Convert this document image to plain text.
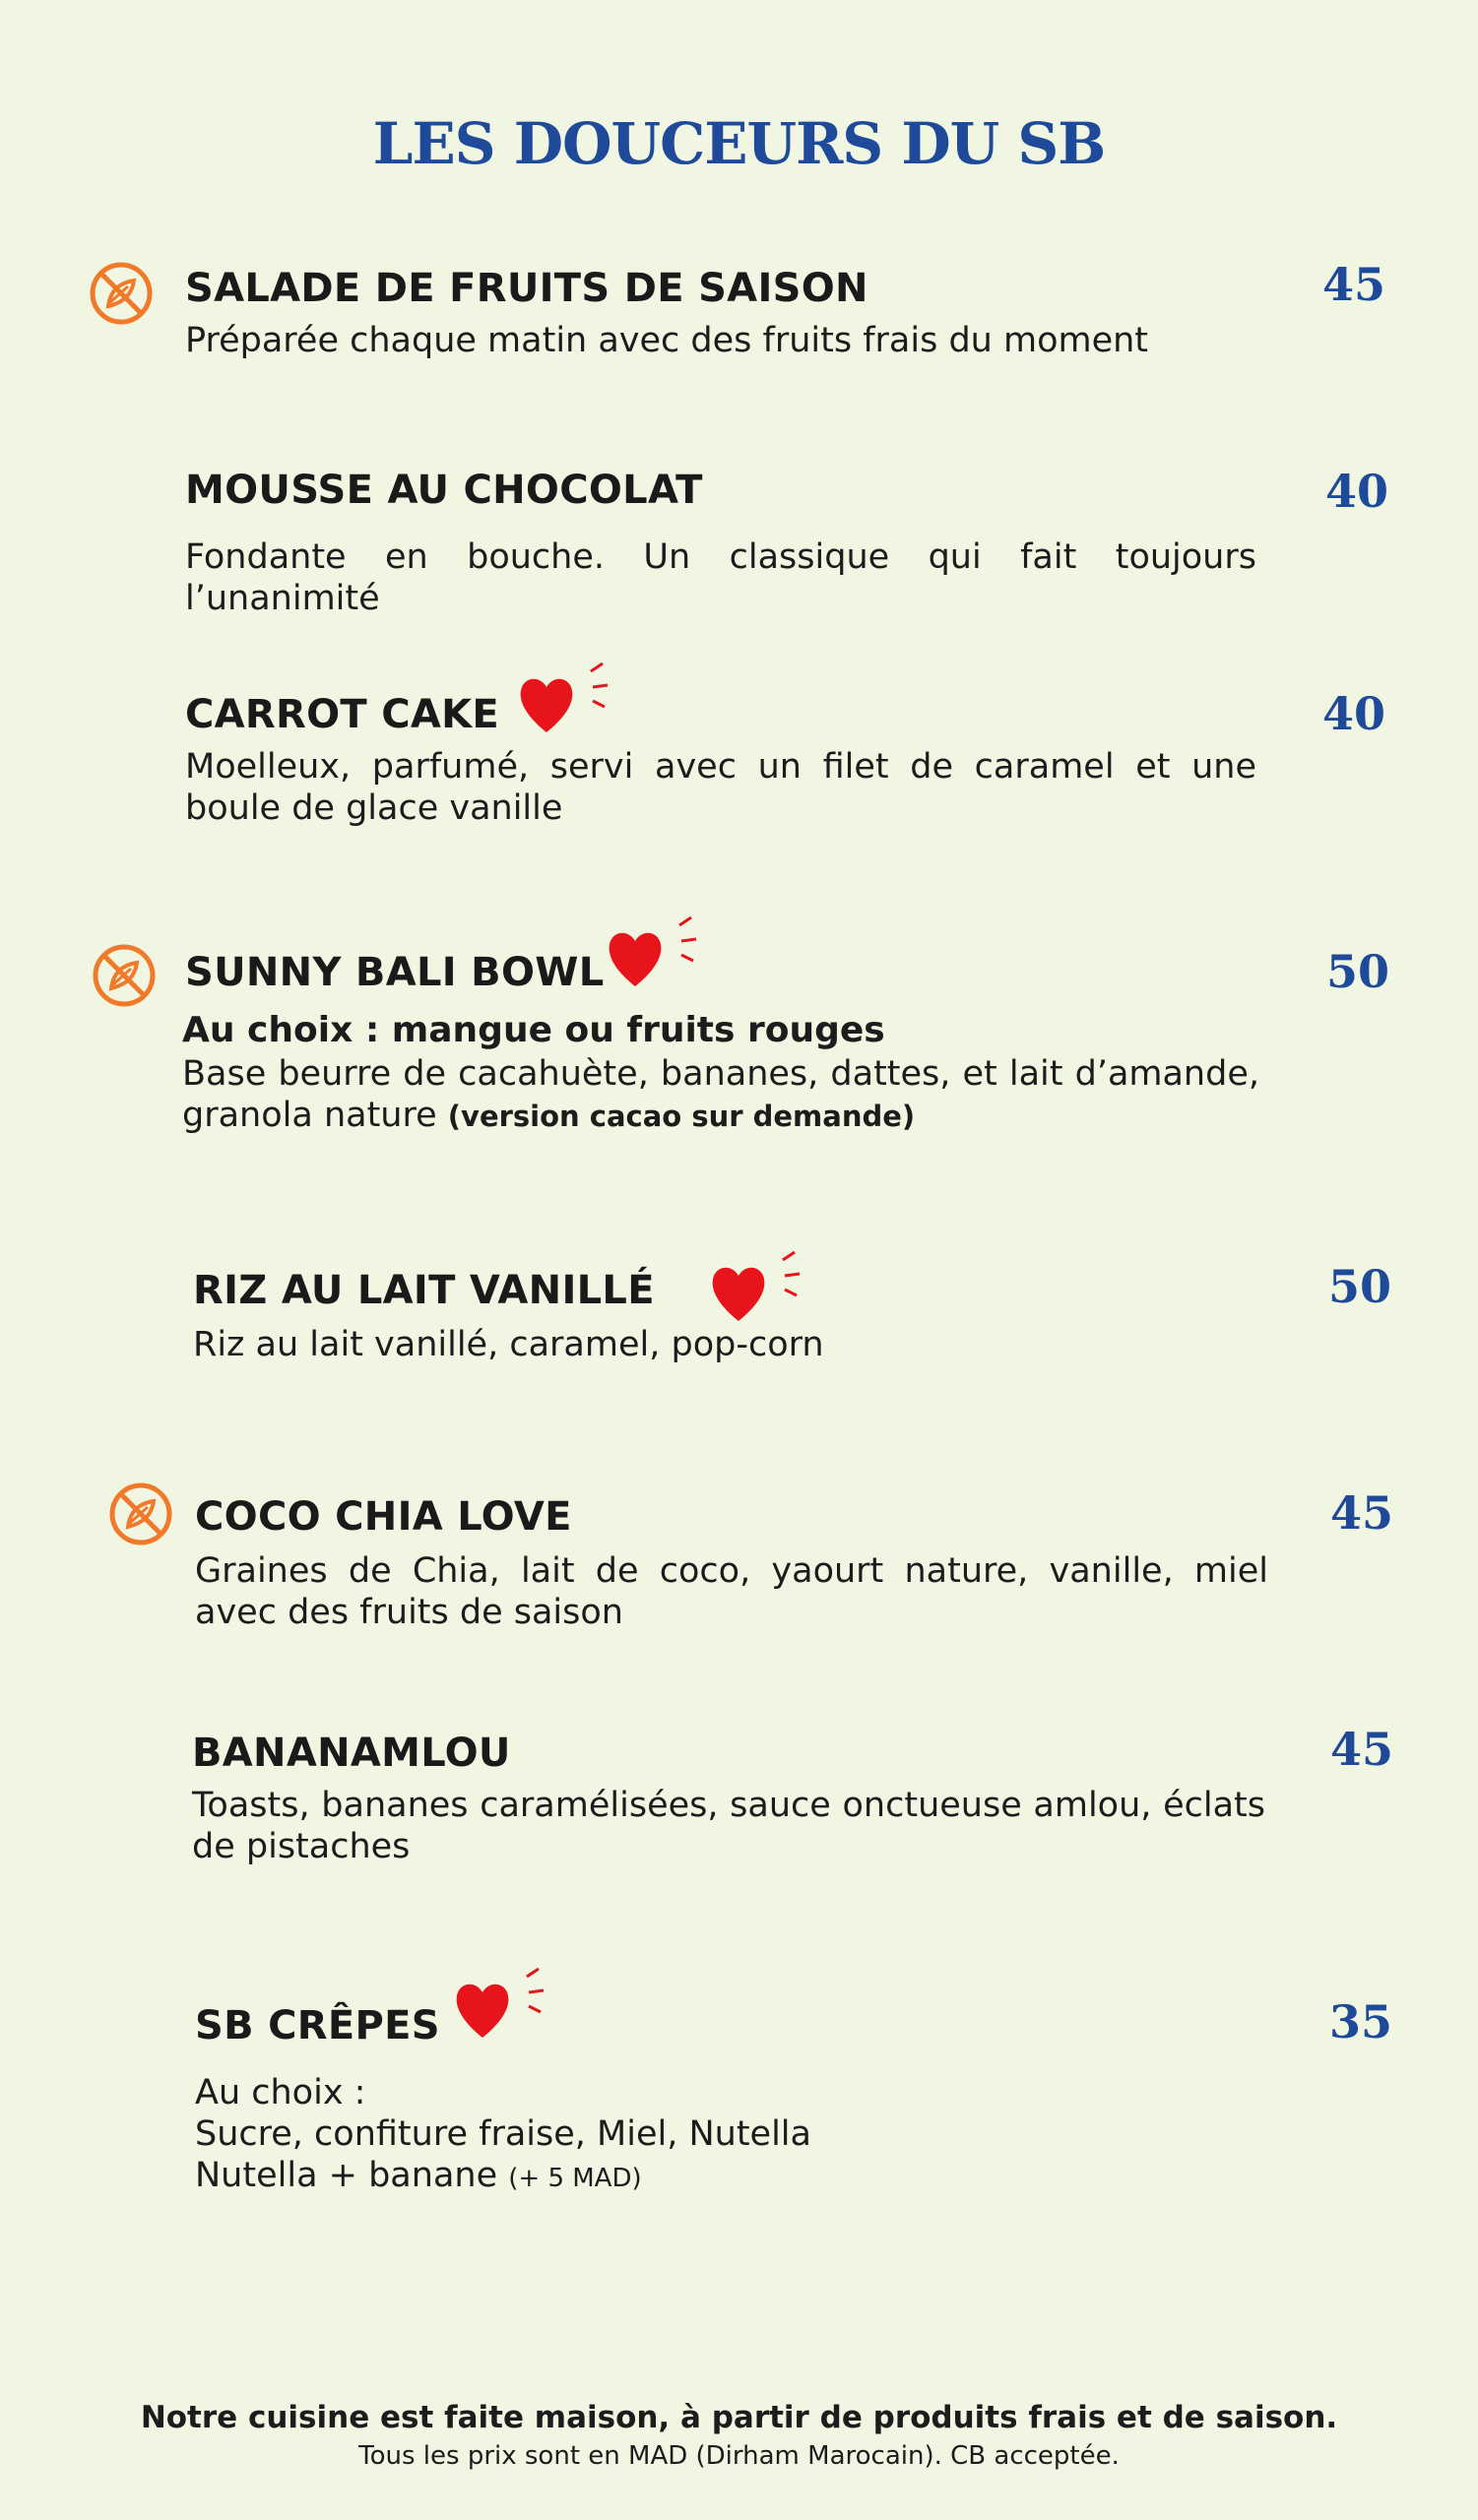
LES DOUCEURS DU SB
SALADE DE FRUITS DE SAISON	45
Préparée chaque matin avec des fruits frais du moment
MOUSSE AU CHOCOLAT	40
Fondante en bouche. Un classique qui fait toujours l’unanimité
CARROT CAKE	40
Moelleux, parfumé, servi avec un filet de caramel et une boule de glace vanille
SUNNY BALI BOWL	50
Au choix : mangue ou fruits rouges
Base beurre de cacahuète, bananes, dattes, et lait d’amande, granola nature (version cacao sur demande)
RIZ AU LAIT VANILLÉ	50
Riz au lait vanillé, caramel, pop-corn
COCO CHIA LOVE	45
Graines de Chia, lait de coco, yaourt nature, vanille, miel avec des fruits de saison
BANANAMLOU	45
Toasts, bananes caramélisées, sauce onctueuse amlou, éclats de pistaches
SB CRÊPES	35
Au choix :
Sucre, confiture fraise, Miel, Nutella
Nutella + banane (+ 5 MAD)
Notre cuisine est faite maison, à partir de produits frais et de saison.
Tous les prix sont en MAD (Dirham Marocain). CB acceptée.
